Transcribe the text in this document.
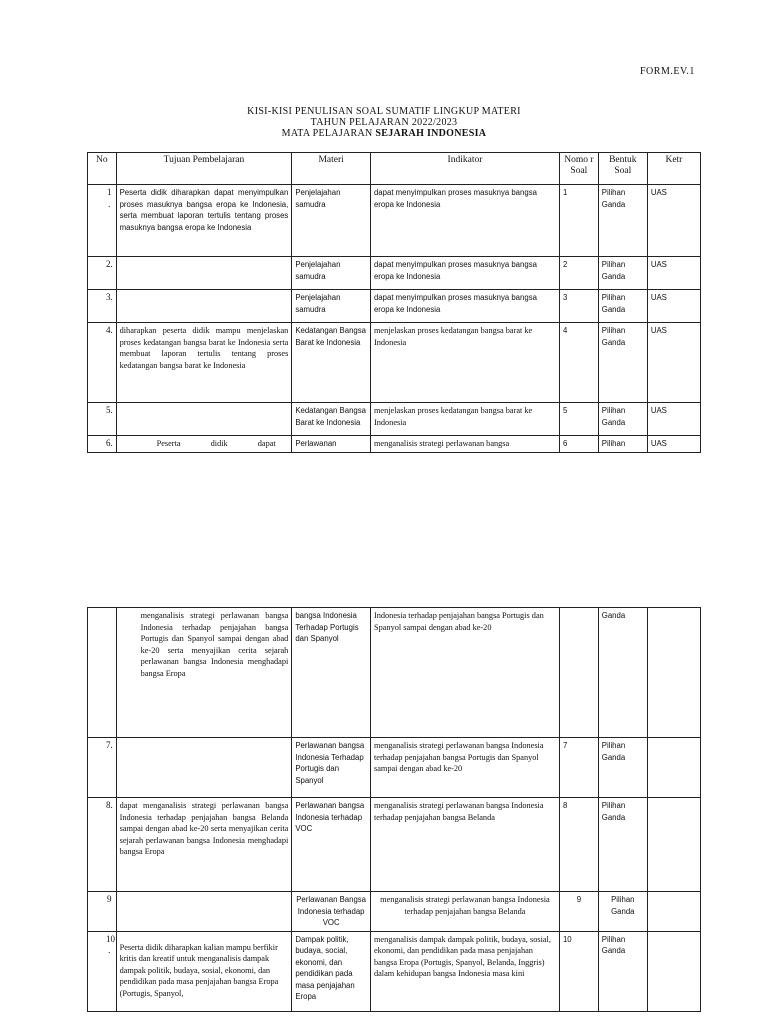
FORM.EV.1
KISI-KISI PENULISAN SOAL SUMATIF LINGKUP MATERI
TAHUN PELAJARAN 2022/2023
MATA PELAJARAN SEJARAH INDONESIA
No	Tujuan Pembelajaran	Materi	Indikator	Nomo r Soal	Bentuk Soal	Ketr
1 .	Peserta didik diharapkan dapat menyimpulkan proses masuknya bangsa eropa ke Indonesia, serta membuat laporan tertulis tentang proses masuknya bangsa eropa ke Indonesia	Penjelajahan samudra	dapat menyimpulkan proses masuknya bangsa eropa ke Indonesia	1	Pilihan Ganda	UAS
2.		Penjelajahan samudra	dapat menyimpulkan proses masuknya bangsa eropa ke Indonesia	2	Pilihan Ganda	UAS
3.		Penjelajahan samudra	dapat menyimpulkan proses masuknya bangsa eropa ke Indonesia	3	Pilihan Ganda	UAS
4.	diharapkan peserta didik mampu menjelaskan proses kedatangan bangsa barat ke Indonesia serta membuat laporan tertulis tentang proses kedatangan bangsa barat ke Indonesia	Kedatangan Bangsa Barat ke Indonesia	menjelaskan proses kedatangan bangsa barat ke Indonesia	4	Pilihan Ganda	UAS
5.		Kedatangan Bangsa Barat ke Indonesia	menjelaskan proses kedatangan bangsa barat ke Indonesia	5	Pilihan Ganda	UAS
6.	Peserta didik dapat	Perlawanan	menganalisis strategi perlawanan bangsa	6	Pilihan	UAS
	menganalisis strategi perlawanan bangsa Indonesia terhadap penjajahan bangsa Portugis dan Spanyol sampai dengan abad ke-20 serta menyajikan cerita sejarah perlawanan bangsa Indonesia menghadapi bangsa Eropa	bangsa Indonesia Terhadap Portugis dan Spanyol	Indonesia terhadap penjajahan bangsa Portugis dan Spanyol sampai dengan abad ke-20		Ganda	
7.		Perlawanan bangsa Indonesia Terhadap Portugis dan Spanyol	menganalisis strategi perlawanan bangsa Indonesia terhadap penjajahan bangsa Portugis dan Spanyol sampai dengan abad ke-20	7	Pilihan Ganda	
8.	dapat menganalisis strategi perlawanan bangsa Indonesia terhadap penjajahan bangsa Belanda sampai dengan abad ke-20 serta menyajikan cerita sejarah perlawanan bangsa Indonesia menghadapi bangsa Eropa	Perlawanan bangsa Indonesia terhadap VOC	menganalisis strategi perlawanan bangsa Indonesia terhadap penjajahan bangsa Belanda	8	Pilihan Ganda	
9		Perlawanan Bangsa Indonesia terhadap VOC	menganalisis strategi perlawanan bangsa Indonesia terhadap penjajahan bangsa Belanda	9	Pilihan Ganda	
10 .	Peserta didik diharapkan kalian mampu berfikir kritis dan kreatif untuk menganalisis dampak dampak politik, budaya, sosial, ekonomi, dan pendidikan pada masa penjajahan bangsa Eropa (Portugis, Spanyol,	Dampak politik, budaya, social, ekonomi, dan pendidikan pada masa penjajahan Eropa	menganalisis dampak dampak politik, budaya, sosial, ekonomi, dan pendidikan pada masa penjajahan bangsa Eropa (Portugis, Spanyol, Belanda, Inggris) dalam kehidupan bangsa Indonesia masa kini	10	Pilihan Ganda	
